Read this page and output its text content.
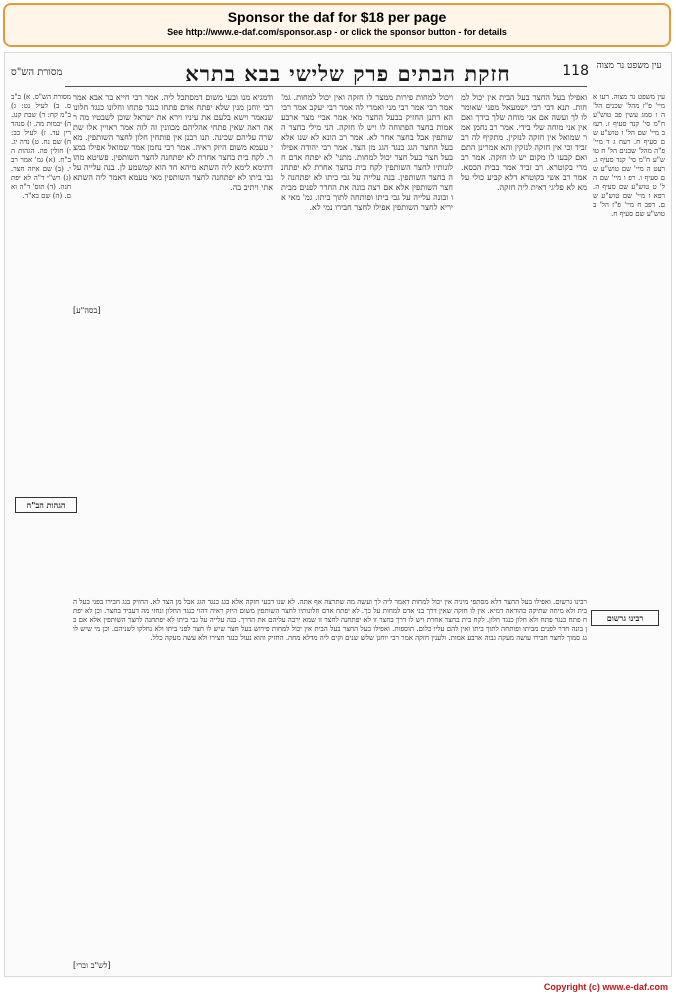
Sponsor the daf for $18 per page
See http://www.e-daf.com/sponsor.asp - or click the sponsor button - for details
118
חזקת הבתים פרק שלישי בבא בתרא
מסורת הש"ס
עין משפט נר מצוה
עין משפט נר מצוה. רעו א מיי' פ"ז מהל' שכנים הל' ה ו סמג עשין פב טוש"ע ח"מ סי' קנד סעיף ז. רעז ב מיי' שם הל' ז טוש"ע שם סעיף ח. רעח ג ד מיי' פ"ה מהל' שכנים הל' ח טוש"ע ח"מ סי' קנד סעיף ג. רעט ה מיי' שם טוש"ע שם סעיף ו. רפ ו מיי' שם הל' ט טוש"ע שם סעיף ה. רפא ז מיי' שם טוש"ע שם. רפב ח מיי' פ"ז הל' ב טוש"ע שם סעיף ח.
מסורת הש"ס. א) ב"ב ס. ב) לעיל נט: ג) ב"מ קח: ד) שבת קנג. ה) יבמות מה. ו) סנהדרין עד. ז) לעיל כב: ח) שם נח. ט) נדה יג. י) חולין פה. הגהות הב"ח. (א) גמ' אמר רבי. (ב) שם איזה חצר. (ג) רש"י ד"ה לא יפתחנה. (ד) תוס' ד"ה ואם. (ה) שם בא"ד.
ואפילו בעל החצר בעל הבית אין יכול למחות. תנא דבי רבי ישמעאל מפני שאומר לו לך ועשה אם אני מוחה שלך בידך ואם אין אני מוחה שלי בידי. אמר רב נחמן אמר שמואל אין חזקה לנזקין. מתקיף לה רב זביד וכי אין חזקה לנזקין והא אמרינן התם ואם קבעו לו מקום יש לו חזקה. אמר רב מרי בקוטרא. רב זביד אמר בבית הכסא. אמר רב אשי בקוטרא דלא קביע כולי עלמא לא פליגי דאית ליה חזקה.
ויכול למחות פירות ממצר לו חזקה ואין יכול למחות. גמ' אמר רבי אמר רבי מני ואמרי לה אמר רבי יעקב אמר רבי הא דתנן החזיק בבעל החצר מאי אמר אביי מצר ארבע אמות בחצר הפתוחה לו ויש לו חזקה. הני מילי בחצר השותפין אבל בחצר אחר לא. אמר רב הונא לא שנו אלא בעל החצר הגג כנגד הגג מן הצד. אמר רבי יהודה אפילו בעל חצר בעל חצר יכול למחות. מתני' לא יפתח אדם חלונותיו לחצר השותפין לקח בית בחצר אחרת לא יפתחנה בחצר השותפין. בנה עלייה על גבי ביתו לא יפתחנה לחצר השותפין אלא אם רצה בונה את החדר לפנים מביתו ובונה עלייה על גבי ביתו ופותחה לתוך ביתו. גמ' מאי איריא לחצר השותפין אפילו לחצר חבירו נמי לא.
ודמגיא מנו ובעי משום דמסתכל ליה. אמר רבי חייא בר אבא אמר רבי יוחנן מנין שלא יפתח אדם פתחו כנגד פתחו וחלונו כנגד חלונו שנאמר וישא בלעם את עיניו וירא את ישראל שוכן לשבטיו מה ראה ראה שאין פתחי אהליהם מכוונין זה לזה אמר ראויין אלו שתשרה עליהם שכינה. תנו רבנן אין פותחין חלון לחצר השותפין. מאי טעמא משום היזק ראיה. אמר רבי נחמן אמר שמואל אפילו במצר. לקח בית בחצר אחרת לא יפתחנה לחצר השותפין. פשיטא מהו דתימא לימא ליה השתא מיהא חד הוא קמשמע לן. בנה עלייה על גבי ביתו לא יפתחנה לחצר השותפין מאי טעמא דאמר ליה השתא אתי ויתיב בה.
רבינו גרשום. ואפילו בעל החצר דלא מסתפי מיניה אין יכול למחות דאמר ליה לך ועשה מה שתרצה אף אתה. לא שנו דבעי חזקה אלא בגג כנגד הגג אבל מן הצד לא. החזיק בגג חבירו בפני בעל הבית ולא מיחה שתיקה כהודאה דמיא. אין לו חזקה שאין דרך בני אדם למחות על כך. לא יפתח אדם חלונותיו לחצר השותפין משום היזק ראיה דהוי כנגד החלון ונחזי מה דעביד בחצר. וכן לא יפתח פתח כנגד פתח ולא חלון כנגד חלון. לקח בית בחצר אחרת ויש לו דרך בחצר זו לא יפתחנה לחצר זו שמא ירבה עליהם את הדרך. בנה עלייה על גבי ביתו לא יפתחנה לחצר השותפין אלא אם כן בונה חדר לפנים מביתו ופותחה לתוך ביתו ואין להם עליו כלום. תוספות. ואפילו בעל החצר בעל הבית אין יכול למחות פירוש בעל חצר שיש לו חצר לפני ביתו ולא נחלקו לשניהם. וכן מי שיש לו גג סמוך לחצר חבירו עושה מעקה גבוה ארבע אמות. ולענין חזקה אמר רבי יוחנן שלש שנים וקים ליה מדלא מחה. החזיק והוא נעול כנגד חצירו ולא עשה מעקה כלל.
רבינו גרשום
הגהות הב"ח
[בסה"ע]
[לש"ב וברי]
Copyright (c) www.e-daf.com
